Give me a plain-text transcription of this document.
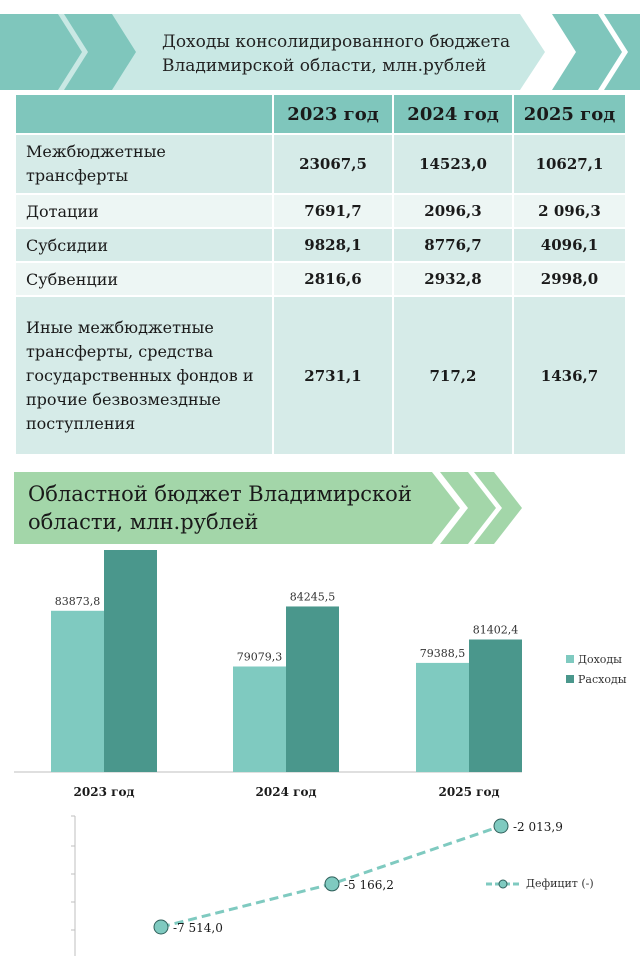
Доходы консолидированного бюджета
Владимирской области, млн.рублей
	2023 год	2024 год	2025 год
Межбюджетные трансферты	23067,5	14523,0	10627,1
Дотации	7691,7	2096,3	2 096,3
Субсидии	9828,1	8776,7	4096,1
Субвенции	2816,6	2932,8	2998,0
Иные межбюджетные трансферты, средства государственных фондов и прочие безвозмездные поступления	2731,1	717,2	1436,7
Областной бюджет Владимирской
области, млн.рублей
83873,8
2023 год
79079,3
84245,5
2024 год
79388,5
81402,4
2025 год
Доходы
Расходы
-7 514,0
-5 166,2
-2 013,9
Дефицит (-)
